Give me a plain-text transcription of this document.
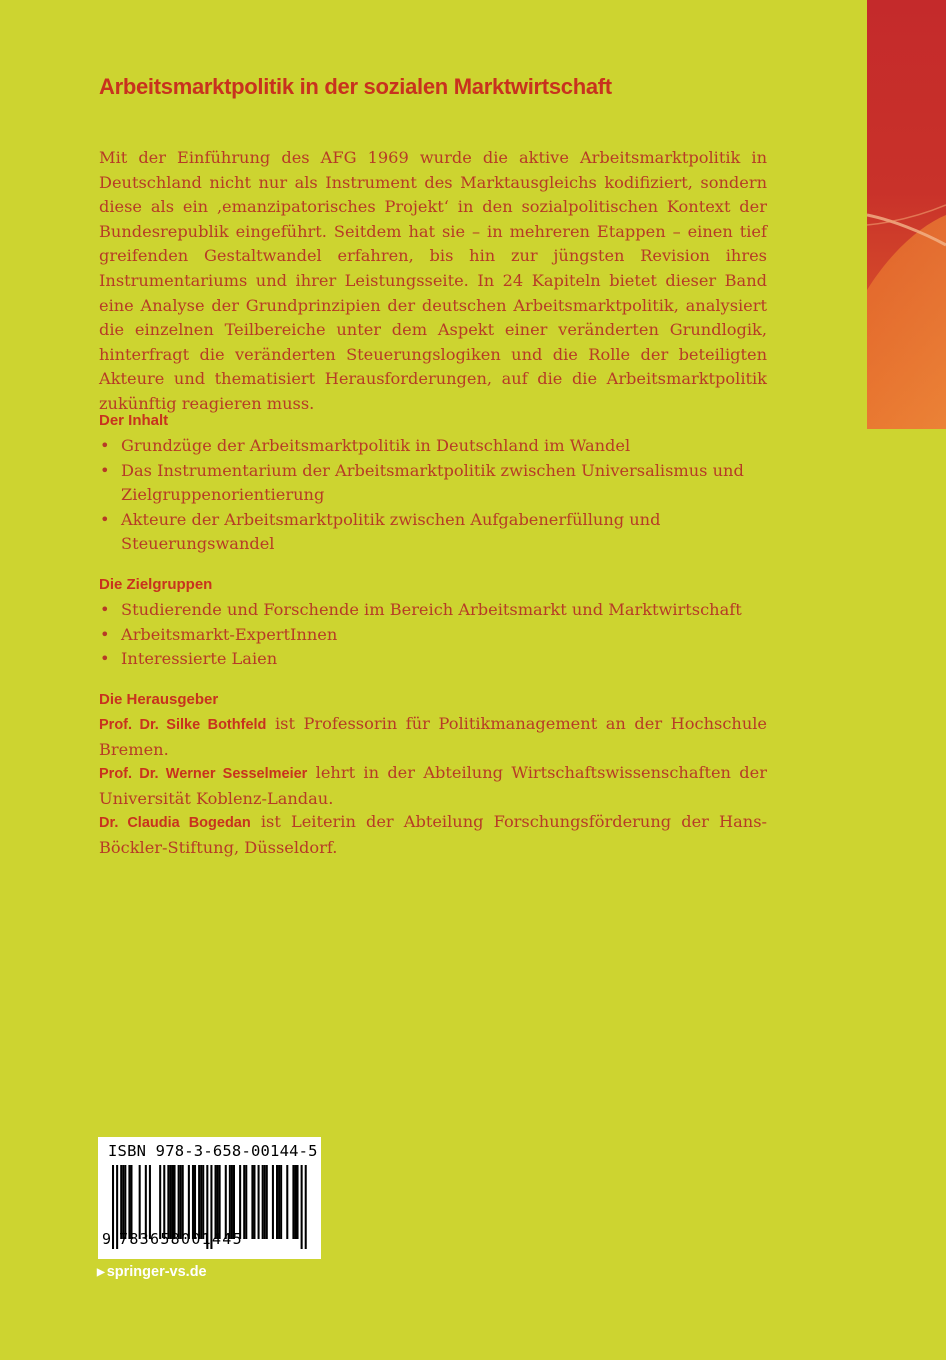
Arbeitsmarktpolitik in der sozialen Marktwirtschaft
Mit der Einführung des AFG 1969 wurde die aktive Arbeitsmarktpolitik in Deutschland nicht nur als Instrument des Marktausgleichs kodifiziert, sondern diese als ein ‚emanzipatorisches Projekt‘ in den sozialpolitischen Kontext der Bundesrepublik eingeführt. Seitdem hat sie – in mehreren Etappen – einen tief greifenden Gestaltwandel erfahren, bis hin zur jüngsten Revision ihres Instrumentariums und ihrer Leistungsseite. In 24 Kapiteln bietet dieser Band eine Analyse der Grundprinzipien der deutschen Arbeitsmarktpolitik, analysiert die einzelnen Teilbereiche unter dem Aspekt einer veränderten Grundlogik, hinterfragt die veränderten Steuerungslogiken und die Rolle der beteiligten Akteure und thematisiert Herausforderungen, auf die die Arbeitsmarktpolitik zukünftig reagieren muss.
Der Inhalt
• Grundzüge der Arbeitsmarktpolitik in Deutschland im Wandel
• Das Instrumentarium der Arbeitsmarktpolitik zwischen Universalismus und Zielgruppenorientierung
• Akteure der Arbeitsmarktpolitik zwischen Aufgabenerfüllung und Steuerungswandel
Die Zielgruppen
• Studierende und Forschende im Bereich Arbeitsmarkt und Marktwirtschaft
• Arbeitsmarkt-ExpertInnen
• Interessierte Laien
Die Herausgeber
Prof. Dr. Silke Bothfeld ist Professorin für Politikmanagement an der Hochschule Bremen.
Prof. Dr. Werner Sesselmeier lehrt in der Abteilung Wirtschaftswissenschaften der Universität Koblenz-Landau.
Dr. Claudia Bogedan ist Leiterin der Abteilung Forschungsförderung der Hans-Böckler-Stiftung, Düsseldorf.
ISBN 978-3-658-00144-5
9 783658001445
▶ springer-vs.de
